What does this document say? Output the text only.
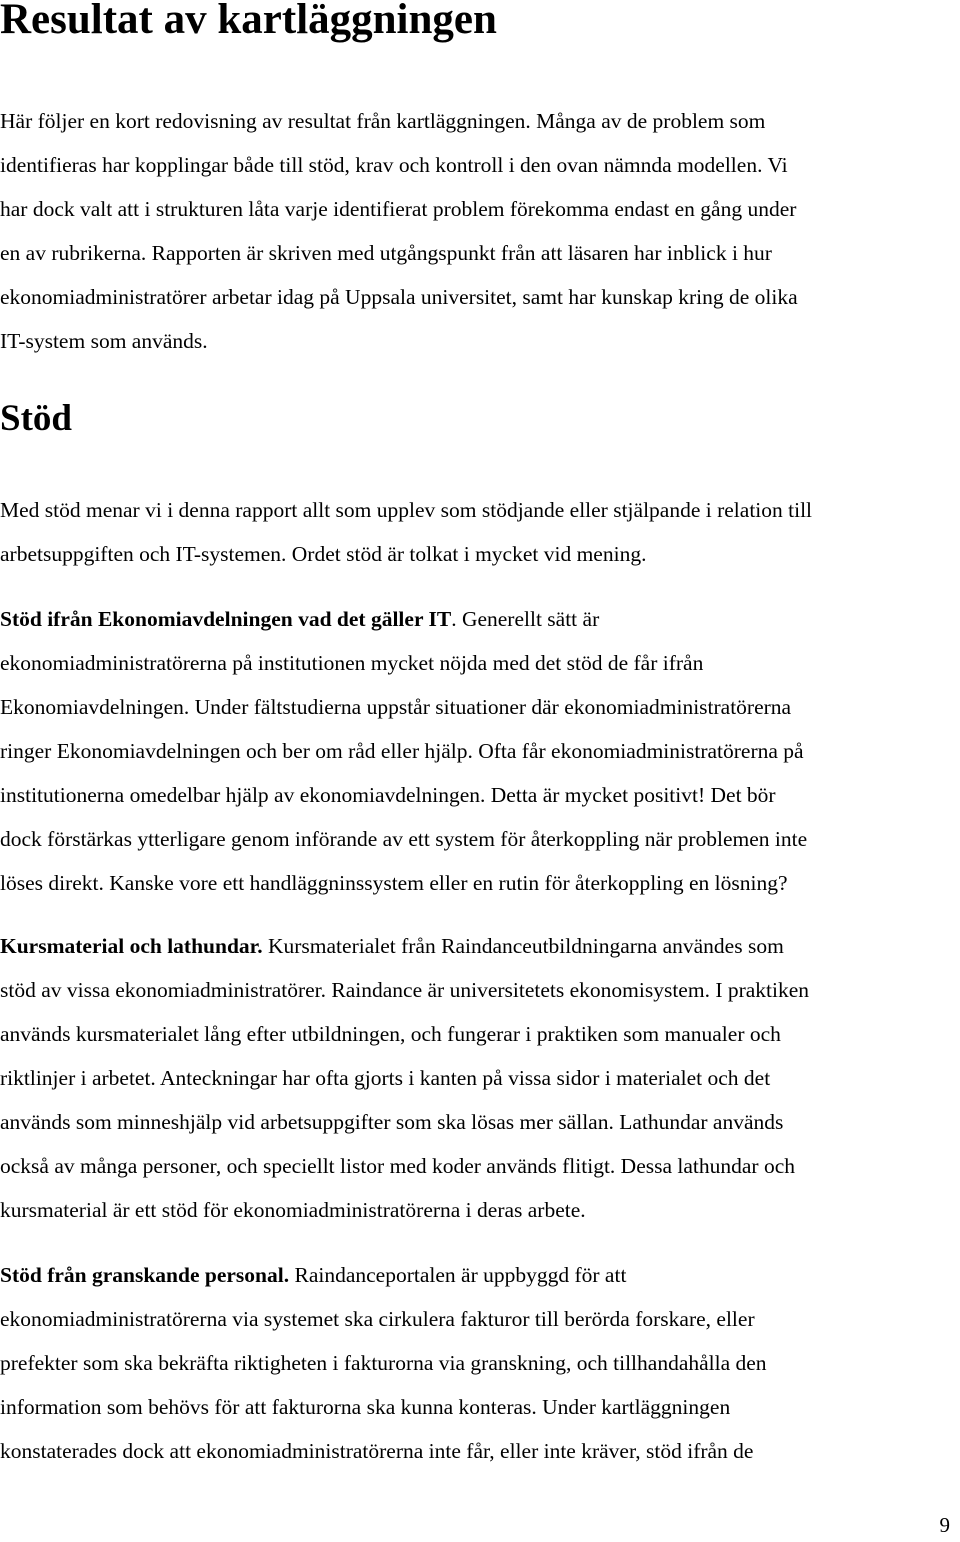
Resultat av kartläggningen
Här följer en kort redovisning av resultat från kartläggningen. Många av de problem som
identifieras har kopplingar både till stöd, krav och kontroll i den ovan nämnda modellen. Vi
har dock valt att i strukturen låta varje identifierat problem förekomma endast en gång under
en av rubrikerna. Rapporten är skriven med utgångspunkt från att läsaren har inblick i hur
ekonomiadministratörer arbetar idag på Uppsala universitet, samt har kunskap kring de olika
IT-system som används.
Stöd
Med stöd menar vi i denna rapport allt som upplev som stödjande eller stjälpande i relation till
arbetsuppgiften och IT-systemen. Ordet stöd är tolkat i mycket vid mening.
Stöd ifrån Ekonomiavdelningen vad det gäller IT. Generellt sätt är
ekonomiadministratörerna på institutionen mycket nöjda med det stöd de får ifrån
Ekonomiavdelningen. Under fältstudierna uppstår situationer där ekonomiadministratörerna
ringer Ekonomiavdelningen och ber om råd eller hjälp. Ofta får ekonomiadministratörerna på
institutionerna omedelbar hjälp av ekonomiavdelningen. Detta är mycket positivt! Det bör
dock förstärkas ytterligare genom införande av ett system för återkoppling när problemen inte
löses direkt. Kanske vore ett handläggninssystem eller en rutin för återkoppling en lösning?
Kursmaterial och lathundar. Kursmaterialet från Raindanceutbildningarna användes som
stöd av vissa ekonomiadministratörer. Raindance är universitetets ekonomisystem. I praktiken
används kursmaterialet lång efter utbildningen, och fungerar i praktiken som manualer och
riktlinjer i arbetet. Anteckningar har ofta gjorts i kanten på vissa sidor i materialet och det
används som minneshjälp vid arbetsuppgifter som ska lösas mer sällan. Lathundar används
också av många personer, och speciellt listor med koder används flitigt. Dessa lathundar och
kursmaterial är ett stöd för ekonomiadministratörerna i deras arbete.
Stöd från granskande personal. Raindanceportalen är uppbyggd för att
ekonomiadministratörerna via systemet ska cirkulera fakturor till berörda forskare, eller
prefekter som ska bekräfta riktigheten i fakturorna via granskning, och tillhandahålla den
information som behövs för att fakturorna ska kunna konteras. Under kartläggningen
konstaterades dock att ekonomiadministratörerna inte får, eller inte kräver, stöd ifrån de
9
